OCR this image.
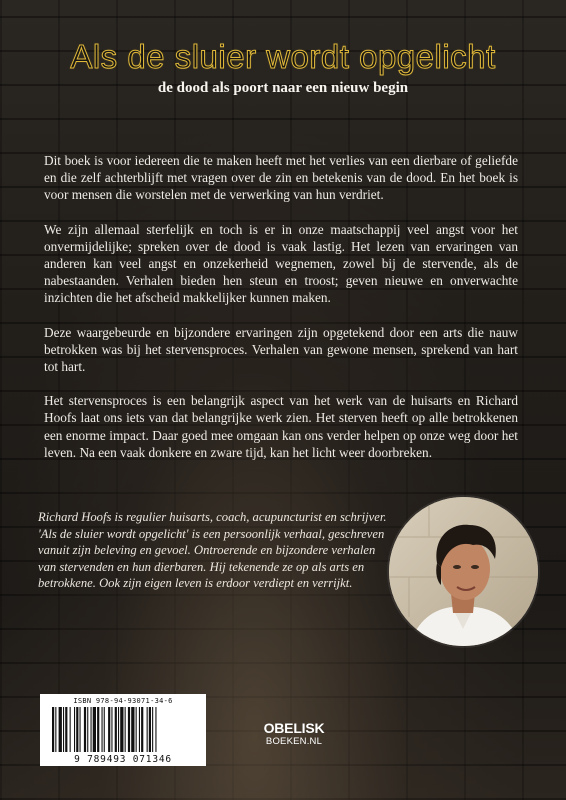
Als de sluier wordt opgelicht
de dood als poort naar een nieuw begin

Dit boek is voor iedereen die te maken heeft met het verlies van een dierbare of geliefde en die zelf achterblijft met vragen over de zin en betekenis van de dood. En het boek is voor mensen die worstelen met de verwerking van hun verdriet.

We zijn allemaal sterfelijk en toch is er in onze maatschappij veel angst voor het onvermijdelijke; spreken over de dood is vaak lastig. Het lezen van ervaringen van anderen kan veel angst en onzekerheid wegnemen, zowel bij de stervende, als de nabestaanden. Verhalen bieden hen steun en troost; geven nieuwe en onverwachte inzichten die het afscheid makkelijker kunnen maken.

Deze waargebeurde en bijzondere ervaringen zijn opgetekend door een arts die nauw betrokken was bij het stervensproces. Verhalen van gewone mensen, sprekend van hart tot hart.

Het stervensproces is een belangrijk aspect van het werk van de huisarts en Richard Hoofs laat ons iets van dat belangrijke werk zien. Het sterven heeft op alle betrokkenen een enorme impact. Daar goed mee omgaan kan ons verder helpen op onze weg door het leven. Na een vaak donkere en zware tijd, kan het licht weer doorbreken.

Richard Hoofs is regulier huisarts, coach, acupuncturist en schrijver. 'Als de sluier wordt opgelicht' is een persoonlijk verhaal, geschreven vanuit zijn beleving en gevoel. Ontroerende en bijzondere verhalen van stervenden en hun dierbaren. Hij tekenende ze op als arts en betrokkene. Ook zijn eigen leven is erdoor verdiept en verrijkt.

ISBN 978-94-93071-34-6
9 789493 071346
OBELISK
BOEKEN.NL
